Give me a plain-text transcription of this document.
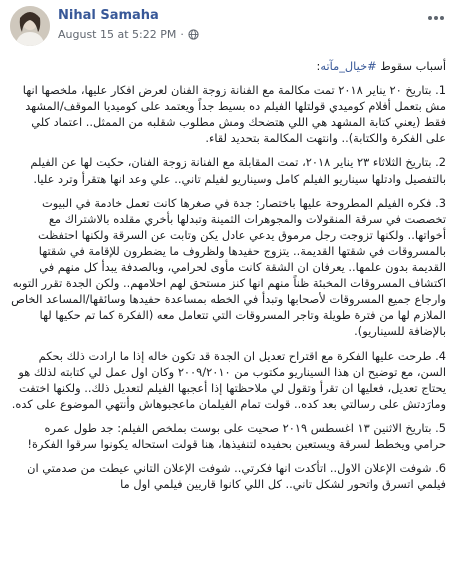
Nihal Samaha
August 15 at 5:22 PM ·

أسباب سقوط #خيال_مآته:

1. بتاريخ ٢٠ يناير ٢٠١٨ تمت مكالمة مع الفنانة زوجة الفنان لعرض افكار عليها، ملخصها انها مش بتعمل أفلام كوميدي قولتلها الفيلم ده بسيط جداً ويعتمد على كوميديا الموقف/المشهد فقط (يعني كتابة المشهد هي اللي هتضحك ومش مطلوب شقلبه من الممثل.. اعتماد كلي على الفكرة والكتابة).. وانتهت المكالمة بتحديد لقاء.

2. بتاريخ الثلاثاء ٢٣ يناير ٢٠١٨، تمت المقابلة مع الفنانة زوجة الفنان، حكيت لها عن الفيلم بالتفصيل وادتلها سيناريو الفيلم كامل وسيناريو لفيلم تاني.. علي وعد انها هتقرأ وترد عليا.

3. فكره الفيلم المطروحة عليها باختصار: جدة في صغرها كانت تعمل خادمة في البيوت تخصصت في سرقة المنقولات والمجوهرات الثمينة وتبدلها بأخري مقلده بالاشتراك مع أخواتها.. ولكنها تزوجت رجل مرموق يدعي عادل يكن وتابت عن السرقة ولكنها احتفظت بالمسروقات في شقتها القديمة.. يتزوج حفيدها ولظروف ما يضطرون للإقامة في شقتها القديمة بدون علمها.. يعرفان ان الشقة كانت مأوى لحرامي، وبالصدفة يبدأ كل منهم في اكتشاف المسروقات المخبئة ظناً منهم انها كنز مستحق لهم احلامهم.. ولكن الجدة تقرر التوبه وارجاع جميع المسروقات لأصحابها وتبدأ في الخطه بمساعدة حفيدها وسائقها/المساعد الخاص الملازم لها من فترة طويلة وتاجر المسروقات التي تتعامل معه (الفكرة كما تم حكيها لها بالإضافة للسيناريو).

4. طرحت عليها الفكرة مع اقتراح تعديل ان الجدة قد تكون خاله إذا ما ارادت ذلك بحكم السن، مع توضيح ان هذا السيناريو مكتوب من ٢٠٠٩/٢٠١٠ وكان اول عمل لي كتابته لذلك هو يحتاج تعديل، فعليها ان تقرأ وتقول لي ملاحظتها إذا أعجبها الفيلم لتعديل ذلك.. ولكنها اختفت ومارَدتش على رسالتي بعد كده.. قولت تمام الفيلمان ماعجبوهاش وأنتهي الموضوع على كده.

5. بتاريخ الاثنين ١٣ اغسطس ٢٠١٩ صحيت على بوست بملخص الفيلم: جد طول عمره حرامي ويخطط لسرقة ويستعين بحفيده لتنفيذها، هنا قولت استحاله يكونوا سرقوا الفكرة!

6. شوفت الإعلان الاول.. اتأكدت انها فكرتي.. شوفت الإعلان التاني عيطت من صدمتي ان فيلمي اتسرق واتحور لشكل تاني.. كل اللي كانوا قاريين فيلمي اول ما
